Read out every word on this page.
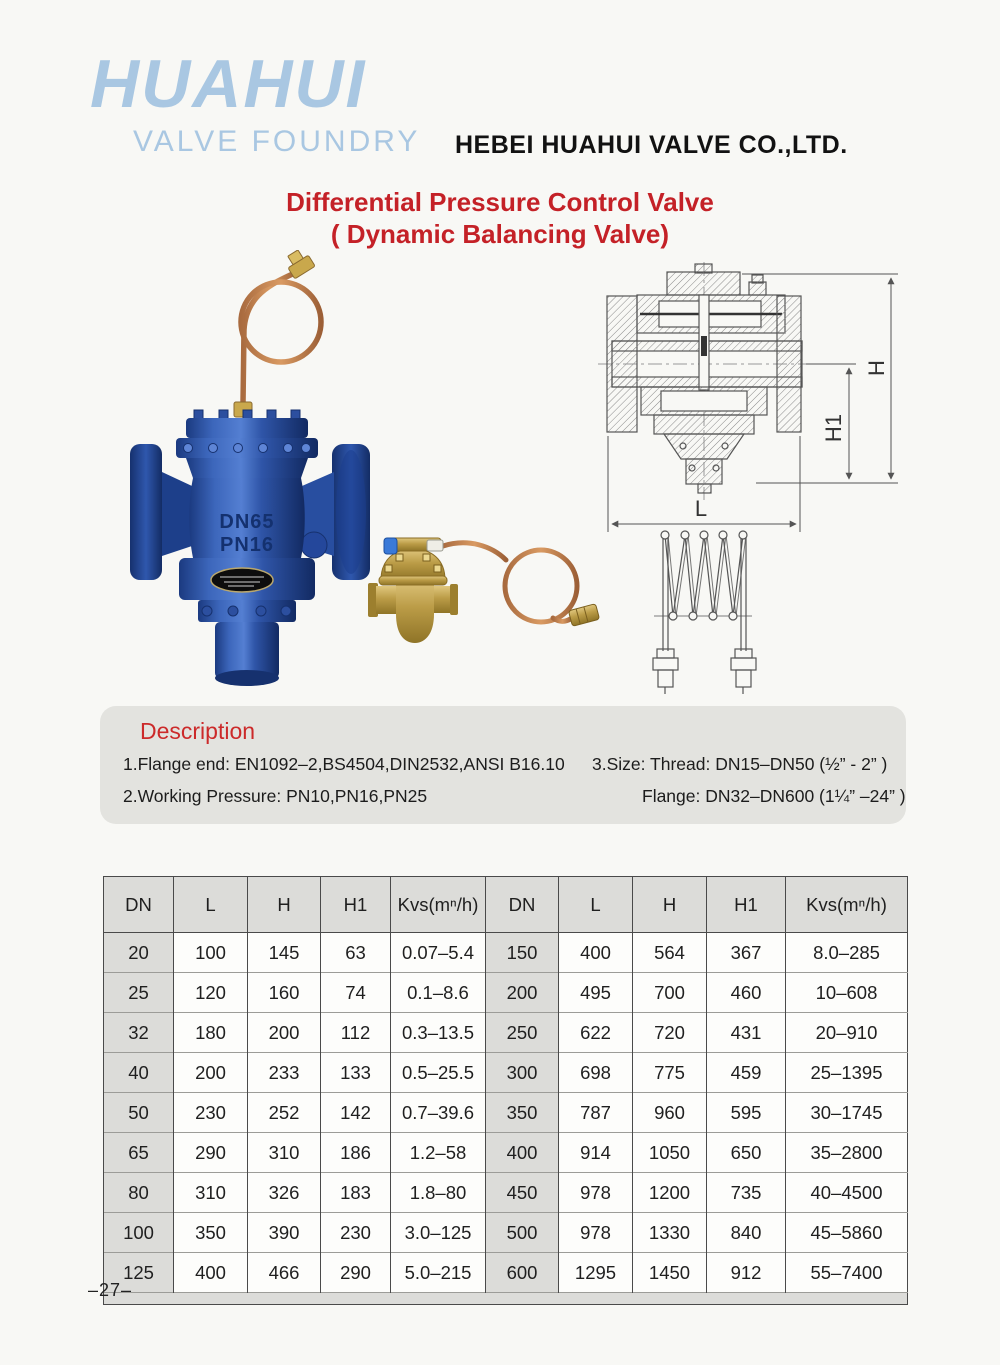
HUAHUI
VALVE FOUNDRY HEBEI HUAHUI VALVE CO.,LTD.
Differential Pressure Control Valve
( Dynamic Balancing Valve)
DN65
PN16
H
H1
L
Description

1.Flange end: EN1092–2,BS4504,DIN2532,ANSI B16.10

2.Working Pressure: PN10,PN16,PN25

3.Size: Thread: DN15–DN50 (½” - 2” )

Flange: DN32–DN600 (1¼” –24” )

DN	L	H	H1	Kvs(mⁿ/h)	DN	L	H	H1	Kvs(mⁿ/h)
20	100	145	63	0.07–5.4	150	400	564	367	8.0–285
25	120	160	74	0.1–8.6	200	495	700	460	10–608
32	180	200	112	0.3–13.5	250	622	720	431	20–910
40	200	233	133	0.5–25.5	300	698	775	459	25–1395
50	230	252	142	0.7–39.6	350	787	960	595	30–1745
65	290	310	186	1.2–58	400	914	1050	650	35–2800
80	310	326	183	1.8–80	450	978	1200	735	40–4500
100	350	390	230	3.0–125	500	978	1330	840	45–5860
125	400	466	290	5.0–215	600	1295	1450	912	55–7400

–27–
